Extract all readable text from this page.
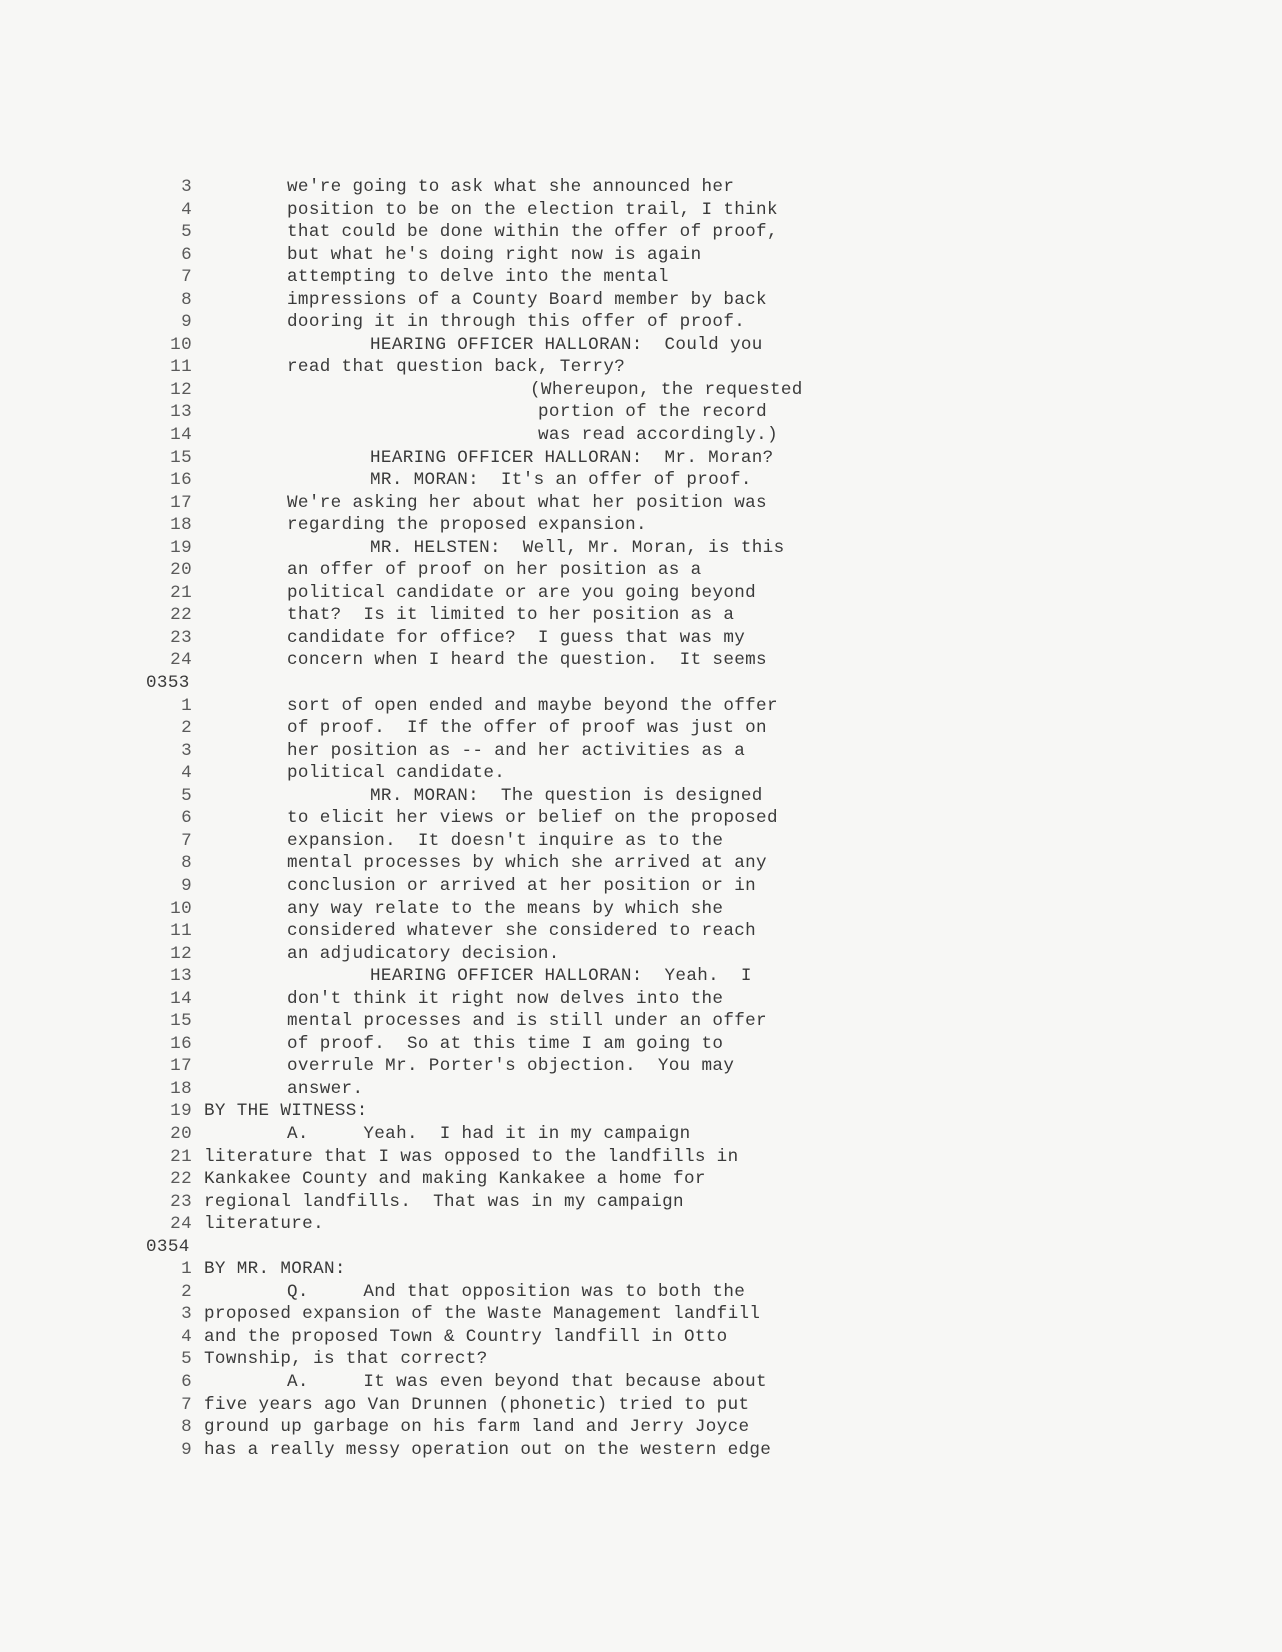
3	we're going to ask what she announced her
4	position to be on the election trail, I think
5	that could be done within the offer of proof,
6	but what he's doing right now is again
7	attempting to delve into the mental
8	impressions of a County Board member by back
9	dooring it in through this offer of proof.
10	HEARING OFFICER HALLORAN:  Could you
11	read that question back, Terry?
12	(Whereupon, the requested
13	portion of the record
14	was read accordingly.)
15	HEARING OFFICER HALLORAN:  Mr. Moran?
16	MR. MORAN:  It's an offer of proof.
17	We're asking her about what her position was
18	regarding the proposed expansion.
19	MR. HELSTEN:  Well, Mr. Moran, is this
20	an offer of proof on her position as a
21	political candidate or are you going beyond
22	that?  Is it limited to her position as a
23	candidate for office?  I guess that was my
24	concern when I heard the question.  It seems
0353
1	sort of open ended and maybe beyond the offer
2	of proof.  If the offer of proof was just on
3	her position as -- and her activities as a
4	political candidate.
5	MR. MORAN:  The question is designed
6	to elicit her views or belief on the proposed
7	expansion.  It doesn't inquire as to the
8	mental processes by which she arrived at any
9	conclusion or arrived at her position or in
10	any way relate to the means by which she
11	considered whatever she considered to reach
12	an adjudicatory decision.
13	HEARING OFFICER HALLORAN:  Yeah.  I
14	don't think it right now delves into the
15	mental processes and is still under an offer
16	of proof.  So at this time I am going to
17	overrule Mr. Porter's objection.  You may
18	answer.
19 BY THE WITNESS:
20	A.     Yeah.  I had it in my campaign
21 literature that I was opposed to the landfills in
22 Kankakee County and making Kankakee a home for
23 regional landfills.  That was in my campaign
24 literature.
0354
1 BY MR. MORAN:
2	Q.     And that opposition was to both the
3 proposed expansion of the Waste Management landfill
4 and the proposed Town & Country landfill in Otto
5 Township, is that correct?
6	A.     It was even beyond that because about
7 five years ago Van Drunnen (phonetic) tried to put
8 ground up garbage on his farm land and Jerry Joyce
9 has a really messy operation out on the western edge
